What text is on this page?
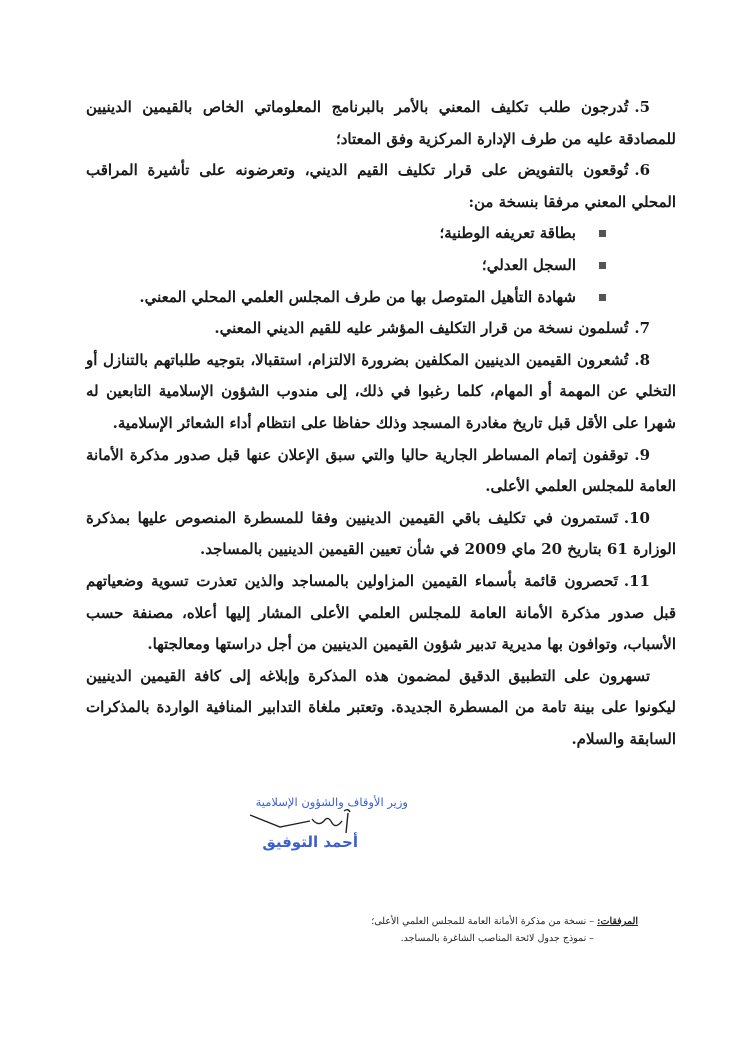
5.تُدرجون طلب تكليف المعني بالأمر بالبرنامج المعلوماتي الخاص بالقيمين الدينيين للمصادقة عليه من طرف الإدارة المركزية وفق المعتاد؛

6.تُوقعون بالتفويض على قرار تكليف القيم الديني، وتعرضونه على تأشيرة المراقب المحلي المعني مرفقا بنسخة من:

بطاقة تعريفه الوطنية؛
السجل العدلي؛
شهادة التأهيل المتوصل بها من طرف المجلس العلمي المحلي المعني.

7.تُسلمون نسخة من قرار التكليف المؤشر عليه للقيم الديني المعني.

8.تُشعرون القيمين الدينيين المكلفين بضرورة الالتزام، استقبالا، بتوجيه طلباتهم بالتنازل أو التخلي عن المهمة أو المهام، كلما رغبوا في ذلك، إلى مندوب الشؤون الإسلامية التابعين له شهرا على الأقل قبل تاريخ مغادرة المسجد وذلك حفاظا على انتظام أداء الشعائر الإسلامية.

9.توقفون إتمام المساطر الجارية حاليا والتي سبق الإعلان عنها قبل صدور مذكرة الأمانة العامة للمجلس العلمي الأعلى.

10.تَستمرون في تكليف باقي القيمين الدينيين وفقا للمسطرة المنصوص عليها بمذكرة الوزارة 61 بتاريخ 20 ماي 2009 في شأن تعيين القيمين الدينيين بالمساجد.

11.تَحصرون قائمة بأسماء القيمين المزاولين بالمساجد والذين تعذرت تسوية وضعياتهم قبل صدور مذكرة الأمانة العامة للمجلس العلمي الأعلى المشار إليها أعلاه، مصنفة حسب الأسباب، وتوافون بها مديرية تدبير شؤون القيمين الدينيين من أجل دراستها ومعالجتها.

تسهرون على التطبيق الدقيق لمضمون هذه المذكرة وإبلاغه إلى كافة القيمين الدينيين ليكونوا على بينة تامة من المسطرة الجديدة. وتعتبر ملغاة التدابير المنافية الواردة بالمذكرات السابقة والسلام.

وزير الأوقاف والشؤون الإسلامية
أحمد التوفيق
المرفقات: – نسخة من مذكرة الأمانة العامة للمجلس العلمي الأعلى؛
– نموذج جدول لائحة المناصب الشاغرة بالمساجد.
